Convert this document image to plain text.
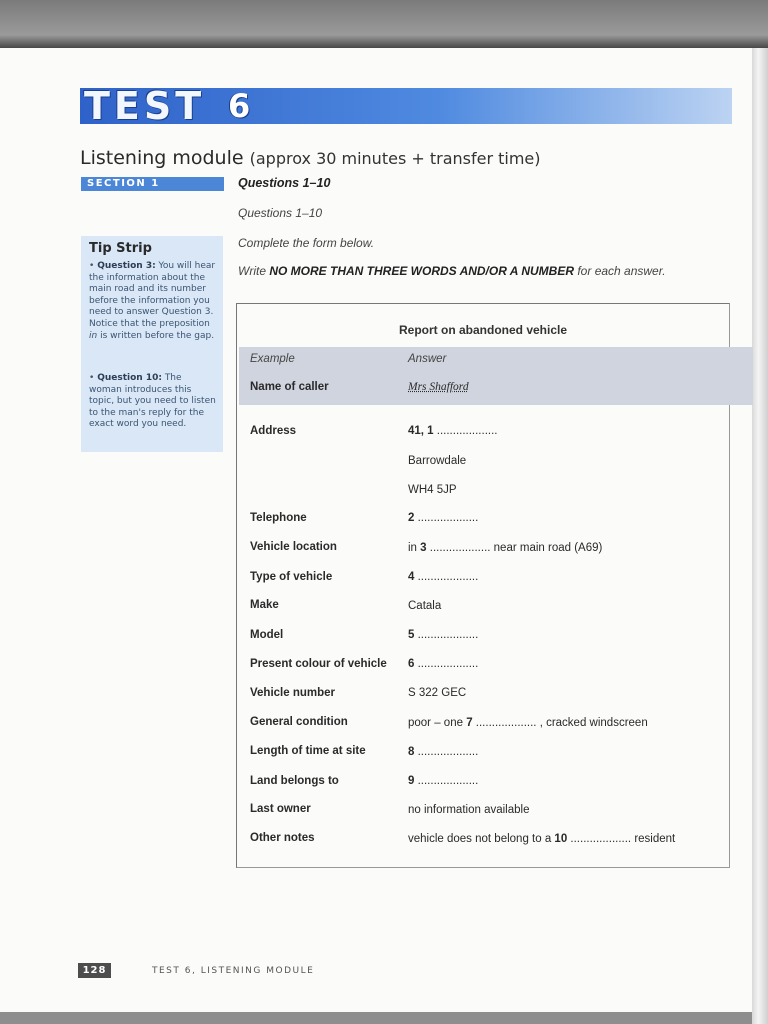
TEST 6
Listening module (approx 30 minutes + transfer time)
SECTION 1	Questions 1–10
Questions 1–10
Complete the form below.
Write NO MORE THAN THREE WORDS AND/OR A NUMBER for each answer.
Tip Strip
• Question 3: You will hear the information about the main road and its number before the information you need to answer Question 3. Notice that the preposition in is written before the gap.
• Question 10: The woman introduces this topic, but you need to listen to the man's reply for the exact word you need.
Report on abandoned vehicle
Example	Answer
Name of caller	Mrs Shafford
Address	41, 1 ...................
Barrowdale
WH4 5JP
Telephone	2 ...................
Vehicle location	in 3 ................... near main road (A69)
Type of vehicle	4 ...................
Make	Catala
Model	5 ...................
Present colour of vehicle 6 ...................
Vehicle number	S 322 GEC
General condition	poor – one 7 ................... , cracked windscreen
Length of time at site	8 ...................
Land belongs to	9 ...................
Last owner	no information available
Other notes	vehicle does not belong to a 10 ................... resident
128	TEST 6, LISTENING MODULE
